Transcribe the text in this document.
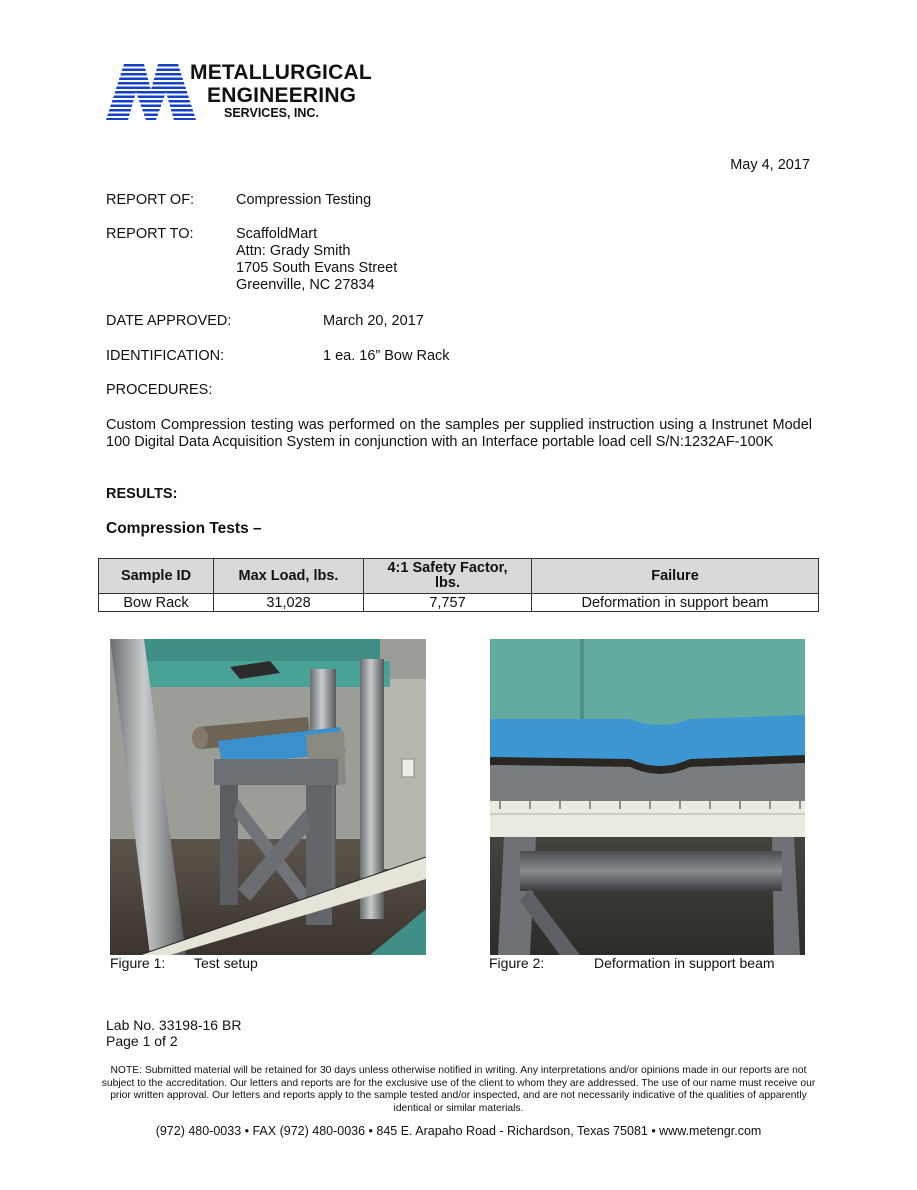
METALLURGICAL
ENGINEERING
SERVICES, INC.
May 4, 2017
REPORT OF:	Compression Testing
REPORT TO:	ScaffoldMart
Attn: Grady Smith
1705 South Evans Street
Greenville, NC 27834
DATE APPROVED:	March 20, 2017
IDENTIFICATION:	1 ea. 16” Bow Rack
PROCEDURES:
Custom Compression testing was performed on the samples per supplied instruction using a Instrunet Model 100 Digital Data Acquisition System in conjunction with an Interface portable load cell S/N:1232AF-100K
RESULTS:
Compression Tests –
Sample ID	Max Load, lbs.	4:1 Safety Factor, lbs.	Failure
Bow Rack	31,028	7,757	Deformation in support beam
Figure 1: Test setup	Figure 2:	Deformation in support beam
Lab No. 33198-16 BR
Page 1 of 2
NOTE: Submitted material will be retained for 30 days unless otherwise notified in writing. Any interpretations and/or opinions made in our reports are not subject to the accreditation. Our letters and reports are for the exclusive use of the client to whom they are addressed. The use of our name must receive our prior written approval. Our letters and reports apply to the sample tested and/or inspected, and are not necessarily indicative of the qualities of apparently identical or similar materials.
(972) 480-0033 • FAX (972) 480-0036 • 845 E. Arapaho Road - Richardson, Texas 75081 • www.metengr.com
